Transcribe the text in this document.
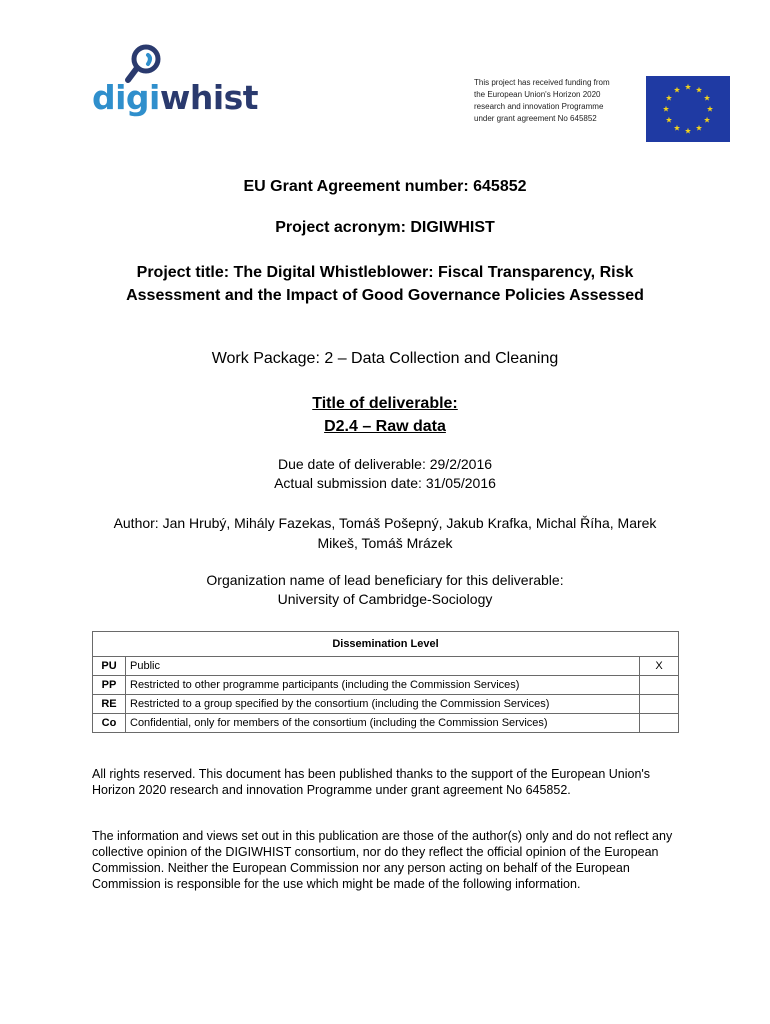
digiwhist	This project has received funding from
the European Union's Horizon 2020
research and innovation Programme
under grant agreement No 645852
EU Grant Agreement number: 645852
Project acronym: DIGIWHIST
Project title: The Digital Whistleblower: Fiscal Transparency, Risk Assessment and the Impact of Good Governance Policies Assessed
Work Package: 2 – Data Collection and Cleaning
Title of deliverable:
D2.4 – Raw data
Due date of deliverable: 29/2/2016
Actual submission date: 31/05/2016
Author: Jan Hrubý, Mihály Fazekas, Tomáš Pošepný, Jakub Krafka, Michal Říha, Marek Mikeš, Tomáš Mrázek
Organization name of lead beneficiary for this deliverable:
University of Cambridge-Sociology
Dissemination Level		
PU	Public	X
PP	Restricted to other programme participants (including the Commission Services)	
RE	Restricted to a group specified by the consortium (including the Commission Services)	
Co	Confidential, only for members of the consortium (including the Commission Services)	
All rights reserved. This document has been published thanks to the support of the European Union's Horizon 2020 research and innovation Programme under grant agreement No 645852.
The information and views set out in this publication are those of the author(s) only and do not reflect any collective opinion of the DIGIWHIST consortium, nor do they reflect the official opinion of the European Commission. Neither the European Commission nor any person acting on behalf of the European Commission is responsible for the use which might be made of the following information.
